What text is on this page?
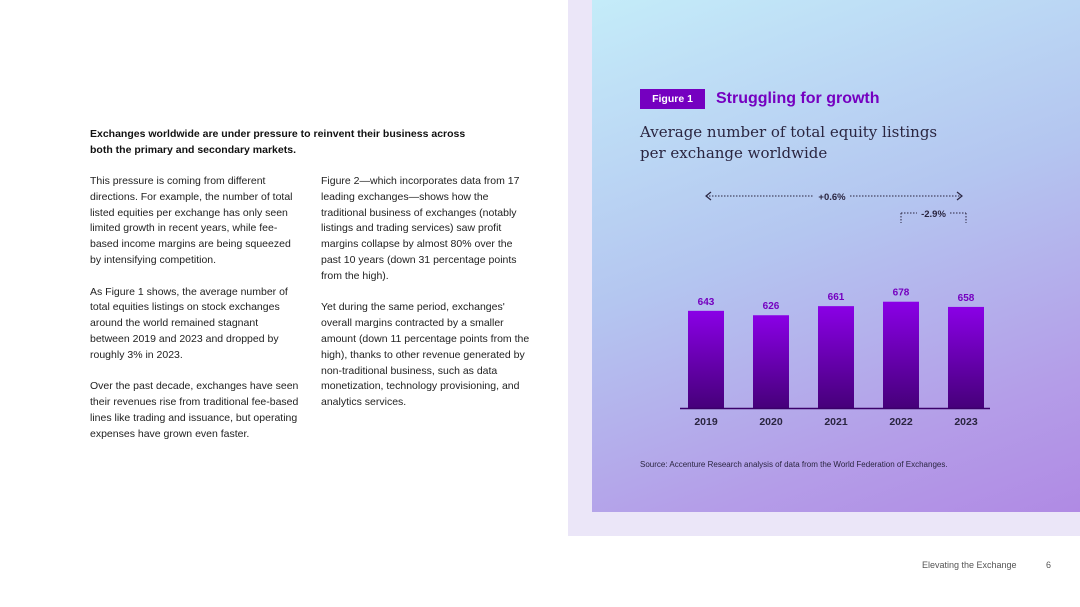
Exchanges worldwide are under pressure to reinvent their business across both the primary and secondary markets.

This pressure is coming from different directions. For example, the number of total listed equities per exchange has only seen limited growth in recent years, while fee-based income margins are being squeezed by intensifying competition.

As Figure 1 shows, the average number of total equities listings on stock exchanges around the world remained stagnant between 2019 and 2023 and dropped by roughly 3% in 2023.

Over the past decade, exchanges have seen their revenues rise from traditional fee-based lines like trading and issuance, but operating expenses have grown even faster.

Figure 2—which incorporates data from 17 leading exchanges—shows how the traditional business of exchanges (notably listings and trading services) saw profit margins collapse by almost 80% over the past 10 years (down 31 percentage points from the high).

Yet during the same period, exchanges' overall margins contracted by a smaller amount (down 11 percentage points from the high), thanks to other revenue generated by non-traditional business, such as data monetization, technology provisioning, and analytics services.

Figure 1	Struggling for growth
Average number of total equity listings per exchange worldwide
643
2019
626
2020
661
2021
678
2022
658
2023
+0.6%
-2.9%
Source: Accenture Research analysis of data from the World Federation of Exchanges.
Elevating the Exchange	6
